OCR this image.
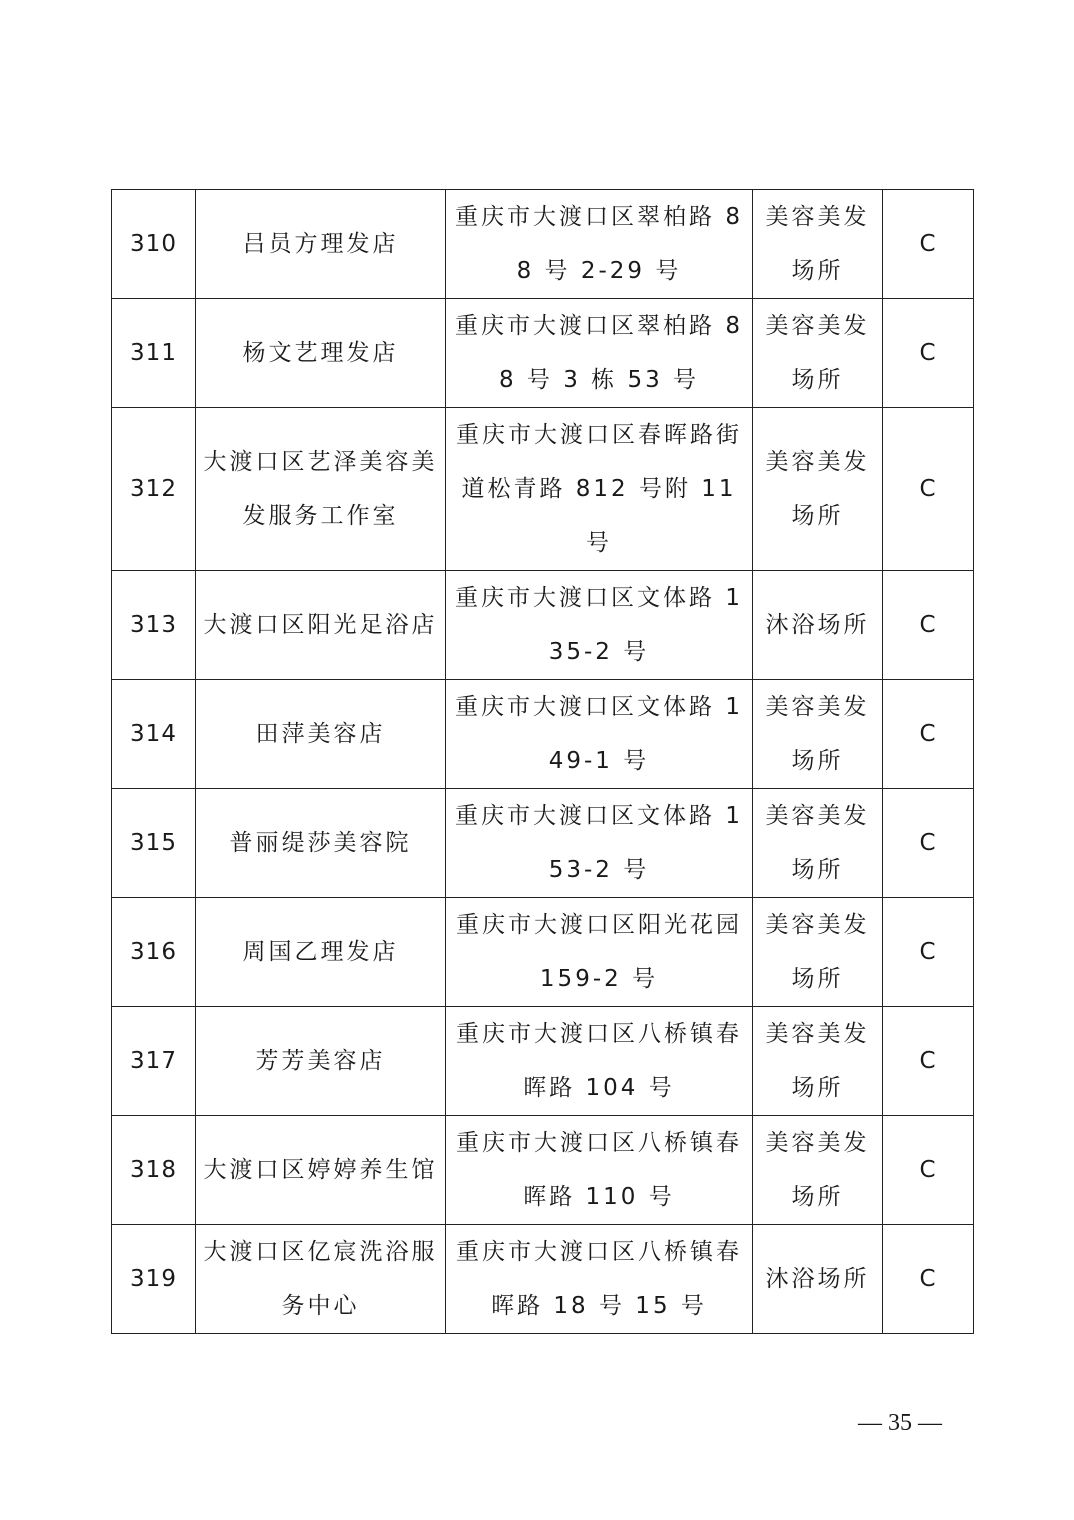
310	吕员方理发店	重庆市大渡口区翠柏路 88 号 2-29 号	美容美发场所	C
311	杨文艺理发店	重庆市大渡口区翠柏路 88 号 3 栋 53 号	美容美发场所	C
312	大渡口区艺泽美容美发服务工作室	重庆市大渡口区春晖路街道松青路 812 号附 11 号	美容美发场所	C
313	大渡口区阳光足浴店	重庆市大渡口区文体路 135-2 号	沐浴场所	C
314	田萍美容店	重庆市大渡口区文体路 149-1 号	美容美发场所	C
315	普丽缇莎美容院	重庆市大渡口区文体路 153-2 号	美容美发场所	C
316	周国乙理发店	重庆市大渡口区阳光花园 159-2 号	美容美发场所	C
317	芳芳美容店	重庆市大渡口区八桥镇春晖路 104 号	美容美发场所	C
318	大渡口区婷婷养生馆	重庆市大渡口区八桥镇春晖路 110 号	美容美发场所	C
319	大渡口区亿宸洗浴服务中心	重庆市大渡口区八桥镇春晖路 18 号 15 号	沐浴场所	C
— 35 —
